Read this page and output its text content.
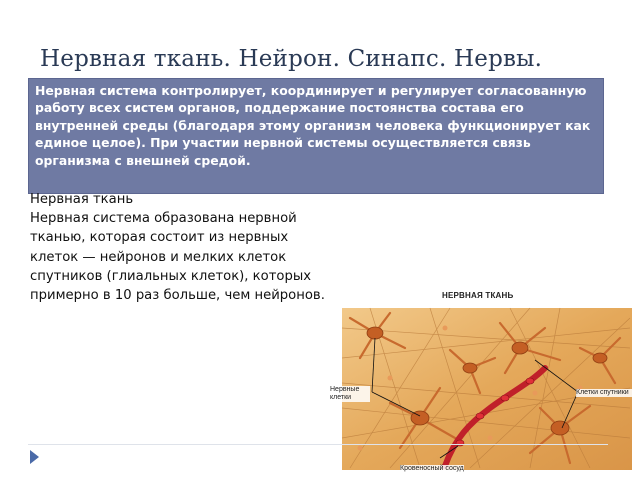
Нервная ткань. Нейрон. Синапс. Нервы.
Нервная система контролирует, координирует и регулирует согласованную работу всех систем органов, поддержание постоянства состава его внутренней среды (благодаря этому организм человека функционирует как единое целое). При участии нервной системы осуществляется связь организма с внешней средой.
Нервная ткань
Нервная система образована нервной тканью, которая состоит из нервных клеток — нейронов и мелких клеток спутников (глиальных клеток), которых примерно в 10 раз больше, чем нейронов.	НЕРВНАЯ ТКАНЬ
Нервные клетки
Клетки спутники
Кровеносный сосуд
